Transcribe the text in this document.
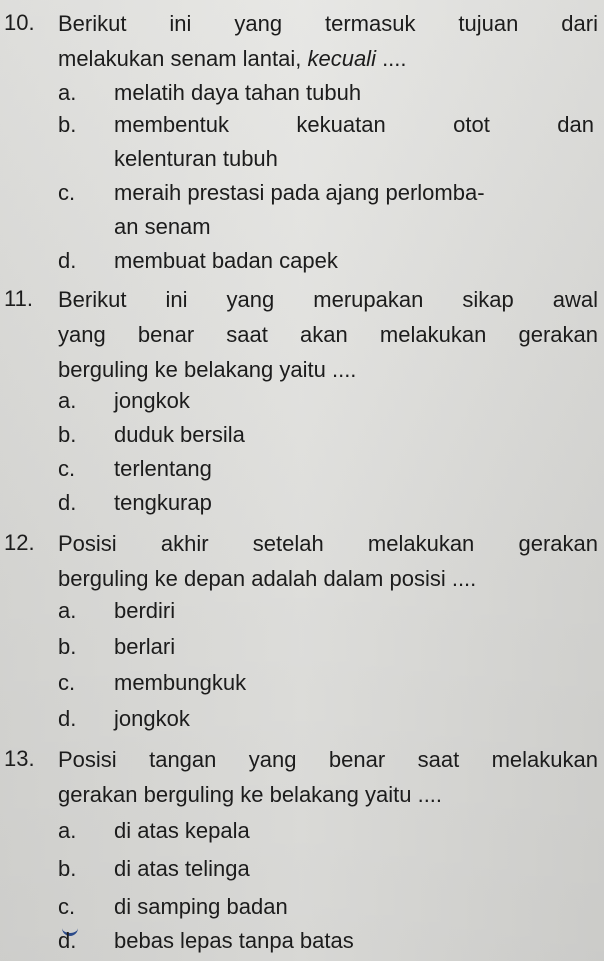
10.	Berikut ini yang termasuk tujuan dari
melakukan senam lantai, kecuali ....
a. melatih daya tahan tubuh
b. membentuk kekuatan otot dan
kelenturan tubuh
c. meraih prestasi pada ajang perlomba-
an senam
d. membuat badan capek
11.	Berikut ini yang merupakan sikap awal
yang benar saat akan melakukan gerakan
berguling ke belakang yaitu ....
a. jongkok
b. duduk bersila
c. terlentang
d. tengkurap
12.	Posisi akhir setelah melakukan gerakan
berguling ke depan adalah dalam posisi ....
a. berdiri
b. berlari
c. membungkuk
d. jongkok
13.	Posisi tangan yang benar saat melakukan
gerakan berguling ke belakang yaitu ....
a. di atas kepala
b. di atas telinga
c. di samping badan
d. bebas lepas tanpa batas
